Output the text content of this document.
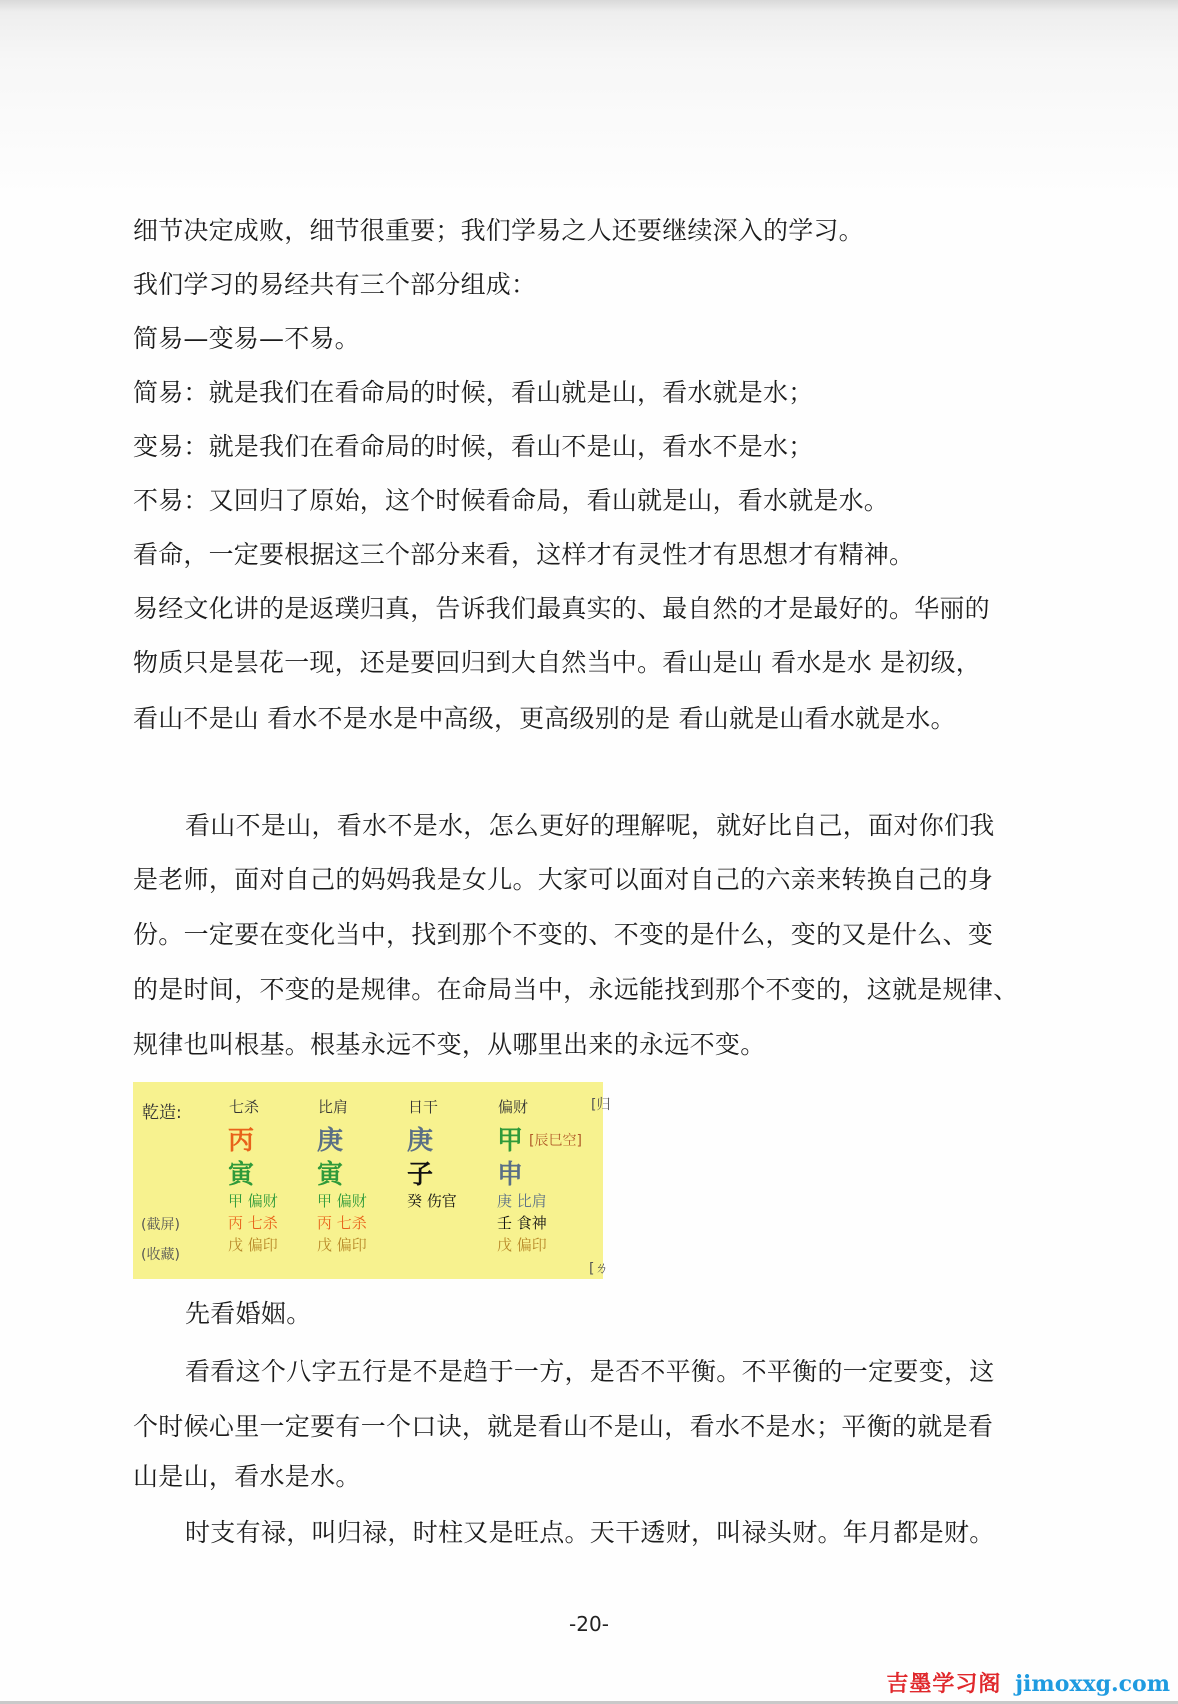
细节决定成败，细节很重要；我们学易之人还要继续深入的学习。
我们学习的易经共有三个部分组成：
简易—变易—不易。
简易：就是我们在看命局的时候，看山就是山，看水就是水；
变易：就是我们在看命局的时候，看山不是山，看水不是水；
不易：又回归了原始，这个时候看命局，看山就是山，看水就是水。
看命，一定要根据这三个部分来看，这样才有灵性才有思想才有精神。
易经文化讲的是返璞归真，告诉我们最真实的、最自然的才是最好的。华丽的
物质只是昙花一现，还是要回归到大自然当中。看山是山 看水是水 是初级，
看山不是山 看水不是水是中高级，更高级别的是 看山就是山看水就是水。
看山不是山，看水不是水，怎么更好的理解呢，就好比自己，面对你们我
是老师，面对自己的妈妈我是女儿。大家可以面对自己的六亲来转换自己的身
份。一定要在变化当中，找到那个不变的、不变的是什么，变的又是什么、变
的是时间，不变的是规律。在命局当中，永远能找到那个不变的，这就是规律、
规律也叫根基。根基永远不变，从哪里出来的永远不变。
乾造:	[归
(截屏)
(收藏)
[ㄌ
七杀
丙
寅
甲 偏财
丙 七杀
戊 偏印
比肩
庚
寅
甲 偏财
丙 七杀
戊 偏印
日干
庚
子
癸 伤官
偏财
甲 [辰巳空]
申
庚 比肩
壬 食神
戊 偏印
先看婚姻。
看看这个八字五行是不是趋于一方，是否不平衡。不平衡的一定要变，这
个时候心里一定要有一个口诀，就是看山不是山，看水不是水；平衡的就是看
山是山，看水是水。
时支有禄，叫归禄，时柱又是旺点。天干透财，叫禄头财。年月都是财。
-20-
吉墨学习阁 jimoxxg.com
